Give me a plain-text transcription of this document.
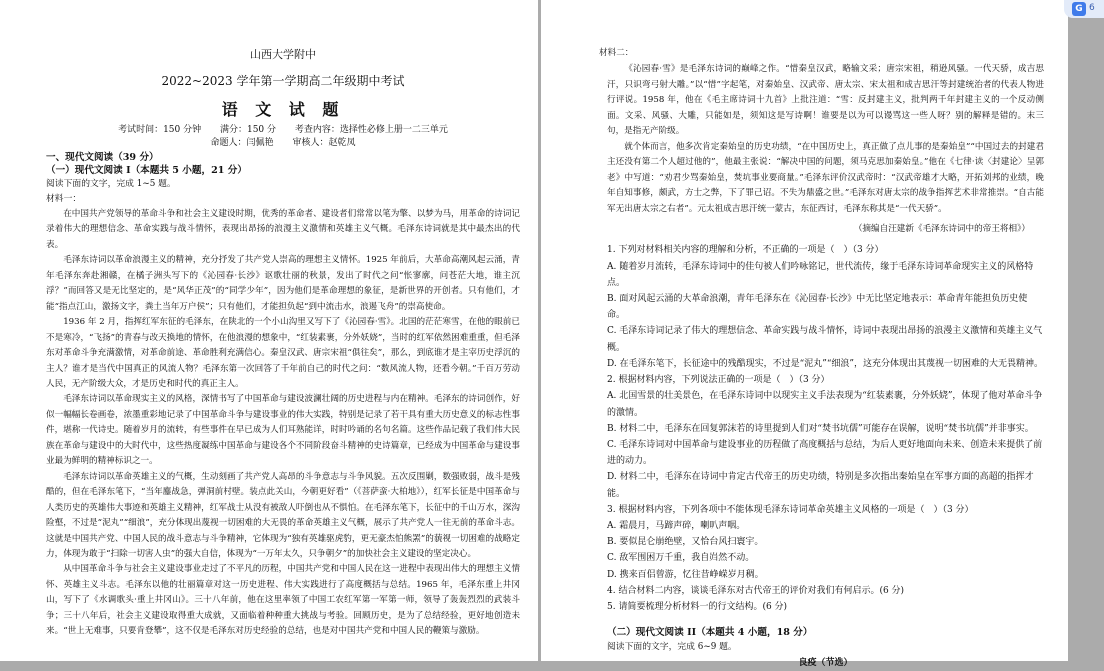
山西大学附中
2022~2023 学年第一学期高二年级期中考试
语 文 试 题
考试时间：150 分钟 满分：150 分 考查内容：选择性必修上册一二三单元
命题人：闫佩艳 审核人：赵乾凤
一、现代文阅读（39 分）
（一）现代文阅读 I（本题共 5 小题，21 分）

阅读下面的文字，完成 1~5 题。

材料一：

在中国共产党领导的革命斗争和社会主义建设时期，优秀的革命者、建设者们常常以笔为擎、以梦为马，用革命的诗词记录着伟大的理想信念、革命实践与战斗情怀，表现出昂扬的浪漫主义激情和英雄主义气概。毛泽东诗词就是其中最杰出的代表。

毛泽东诗词以革命浪漫主义的精神，充分抒发了共产党人崇高的理想主义情怀。1925 年前后，大革命高潮风起云涌，青年毛泽东奔赴湘赣，在橘子洲头写下的《沁园春·长沙》讴歌壮丽的秋景，发出了时代之问“怅寥廓，问苍茫大地，谁主沉浮？”而回答又是无比坚定的，是“风华正茂”的“同学少年”，因为他们是革命理想的象征，是新世界的开创者。只有他们，才能“指点江山，激扬文字，粪土当年万户侯”；只有他们，才能担负起“到中流击水，浪遏飞舟”的崇高使命。

1936 年 2 月，指挥红军东征的毛泽东，在陕北的一个小山沟里又写下了《沁园春·雪》。北国的茫茫寒雪，在他的眼前已不是寒冷，“飞扬”的青春与改天换地的情怀，在他浪漫的想象中，“红装素裹，分外妖娆”，当时的红军依然困难重重，但毛泽东对革命斗争充满激情，对革命前途、革命胜利充满信心。秦皇汉武、唐宗宋祖“俱往矣”，那么，到底谁才是主宰历史浮沉的主人？谁才是当代中国真正的风流人物？毛泽东第一次回答了千年前自己的时代之问：“数风流人物，还看今朝。”千百万劳动人民，无产阶级大众，才是历史和时代的真正主人。

毛泽东诗词以革命现实主义的风格，深情书写了中国革命与建设波澜壮阔的历史进程与内在精神。毛泽东的诗词创作，好似一幅幅长卷画卷，浓墨重彩地记录了中国革命斗争与建设事业的伟大实践，特别是记录了若干具有重大历史意义的标志性事件，堪称一代诗史。随着岁月的流转，有些事件在早已成为人们耳熟能详，时时吟诵的名句名篇。这些作品记载了我们伟大民族在革命与建设中的大时代中，这些热度凝练中国革命与建设各个不同阶段奋斗精神的史诗篇章，已经成为中国革命与建设事业最为鲜明的精神标识之一。

毛泽东诗词以革命英雄主义的气概，生动刻画了共产党人高昂的斗争意志与斗争风貌。五次反围剿，数强败弱，战斗是残酷的，但在毛泽东笔下，“当年鏖战急，弹洞前村壁。装点此关山，今朝更好看”（《菩萨蛮·大柏地》），红军长征是中国革命与人类历史的英雄伟大事迹和英雄主义精神，红军战士从没有被敌人吓倒也从不惧怕。在毛泽东笔下，长征中的千山万水，深沟险壑，不过是“泥丸”“细浪”，充分体现出蔑视一切困难的大无畏的革命英雄主义气概，展示了共产党人一往无前的革命斗志。这就是中国共产党、中国人民的战斗意志与斗争精神，它体现为“独有英雄驱虎豹，更无豪杰怕熊罴”的藐视一切困难的战略定力，体现为敢于“扫除一切害人虫”的强大自信，体现为“一万年太久，只争朝夕”的加快社会主义建设的坚定决心。

从中国革命斗争与社会主义建设事业走过了不平凡的历程，中国共产党和中国人民在这一进程中表现出伟大的理想主义情怀、英雄主义斗志。毛泽东以他的壮丽篇章对这一历史进程、伟大实践进行了高度概括与总结。1965 年，毛泽东重上井冈山，写下了《水调歌头·重上井冈山》。三十八年前，他在这里率领了中国工农红军第一军第一师，领导了轰轰烈烈的武装斗争；三十八年后，社会主义建设取得重大成就，又面临着种种重大挑战与考验。回顾历史，是为了总结经验，更好地创造未来。“世上无难事，只要肯登攀”，这不仅是毛泽东对历史经验的总结，也是对中国共产党和中国人民的鞭策与激励。

材料二：

《沁园春·雪》是毛泽东诗词的巅峰之作。“惜秦皇汉武，略输文采；唐宗宋祖，稍逊风骚。一代天骄，成吉思汗，只识弯弓射大雕。”以“惜”字起笔，对秦始皇、汉武帝、唐太宗、宋太祖和成吉思汗等封建统治者的代表人物进行评说。1958 年，他在《毛主席诗词十九首》上批注道：“雪：反封建主义，批判两千年封建主义的一个反动侧面。文采、风骚、大雕，只能如是，须知这是写诗啊！谁要是以为可以谩骂这一些人呀？别的解释是错的。末三句，是指无产阶级。

就个体而言，他多次肯定秦始皇的历史功绩，“在中国历史上，真正做了点儿事的是秦始皇”“中国过去的封建君主还没有第二个人超过他的”，他最主张说：“解决中国的问题，须马克思加秦始皇。”他在《七律·读〈封建论〉呈郭老》中写道：“劝君少骂秦始皇，焚坑事业要商量。”毛泽东评价汉武帝时：“汉武帝雄才大略，开拓刘邦的业绩，晚年自知事修，颇武，方士之弊，下了罪己诏。不失为鼎盛之世。”毛泽东对唐太宗的战争指挥艺术非常推崇。“自古能军无出唐太宗之右者”。元太祖成吉思汗统一蒙古，东征西讨，毛泽东称其是“一代天骄”。

（摘编自汪建新《毛泽东诗词中的帝王将相》）

1. 下列对材料相关内容的理解和分析，不正确的一项是（　）（3 分）

A. 随着岁月流转，毛泽东诗词中的佳句被人们吟咏铭记，世代流传，缘于毛泽东诗词革命现实主义的风格特点。

B. 面对风起云涌的大革命浪潮，青年毛泽东在《沁园春·长沙》中无比坚定地表示：革命青年能担负历史使命。

C. 毛泽东诗词记录了伟大的理想信念、革命实践与战斗情怀，诗词中表现出昂扬的浪漫主义激情和英雄主义气概。

D. 在毛泽东笔下，长征途中的残酷现实，不过是“泥丸”“细浪”，这充分体现出其蔑视一切困难的大无畏精神。

2. 根据材料内容，下列说法正确的一项是（　）（3 分）

A. 北国雪景的壮美景色，在毛泽东诗词中以现实主义手法表现为“红装素裹，分外妖娆”，体现了他对革命斗争的激情。

B. 材料二中，毛泽东在回复郭沫若的诗里提到人们对“焚书坑儒”可能存在误解，说明“焚书坑儒”并非事实。

C. 毛泽东诗词对中国革命与建设事业的历程做了高度概括与总结，为后人更好地面向未来、创造未来提供了前进的动力。

D. 材料二中，毛泽东在诗词中肯定古代帝王的历史功绩，特别是多次指出秦始皇在军事方面的高超的指挥才能。

3. 根据材料内容，下列各项中不能体现毛泽东诗词革命英雄主义风格的一项是（　）（3 分）

A. 霜晨月，马蹄声碎，喇叭声咽。

B. 要似昆仑崩绝壁，又恰台风扫寰宇。

C. 敌军围困万千重，我自岿然不动。

D. 携来百侣曾游，忆往昔峥嵘岁月稠。

4. 结合材料二内容，谈谈毛泽东对古代帝王的评价对我们有何启示。(6 分)

5. 请简要梳理分析材料一的行文结构。(6 分)

（二）现代文阅读 II（本题共 4 小题，18 分）

阅读下面的文字，完成 6~9 题。

良疫（节选）
G 6
